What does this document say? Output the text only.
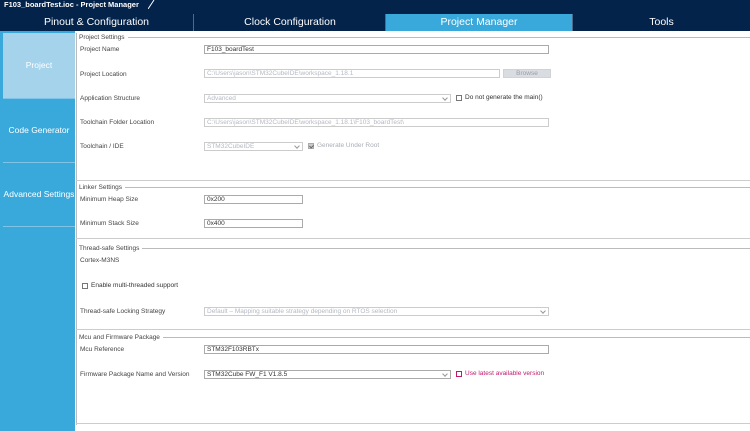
F103_boardTest.ioc - Project Manager
Pinout & Configuration	Clock Configuration	Project Manager	Tools
Project
Code Generator
Advanced Settings
Project Settings
Project Name	F103_boardTest
Project Location	C:\Users\jason\STM32CubeIDE\workspace_1.18.1	Browse
Application Structure	Advanced	Do not generate the main()
Toolchain Folder Location	C:\Users\jason\STM32CubeIDE\workspace_1.18.1\F103_boardTest\
Toolchain / IDE	STM32CubeIDE	Generate Under Root
Linker Settings
Minimum Heap Size	0x200
Minimum Stack Size	0x400
Thread-safe Settings
Cortex-M3NS
Enable multi-threaded support
Thread-safe Locking Strategy	Default – Mapping suitable strategy depending on RTOS selection
Mcu and Firmware Package
Mcu Reference	STM32F103RBTx
Firmware Package Name and Version	STM32Cube FW_F1 V1.8.5	Use latest available version
